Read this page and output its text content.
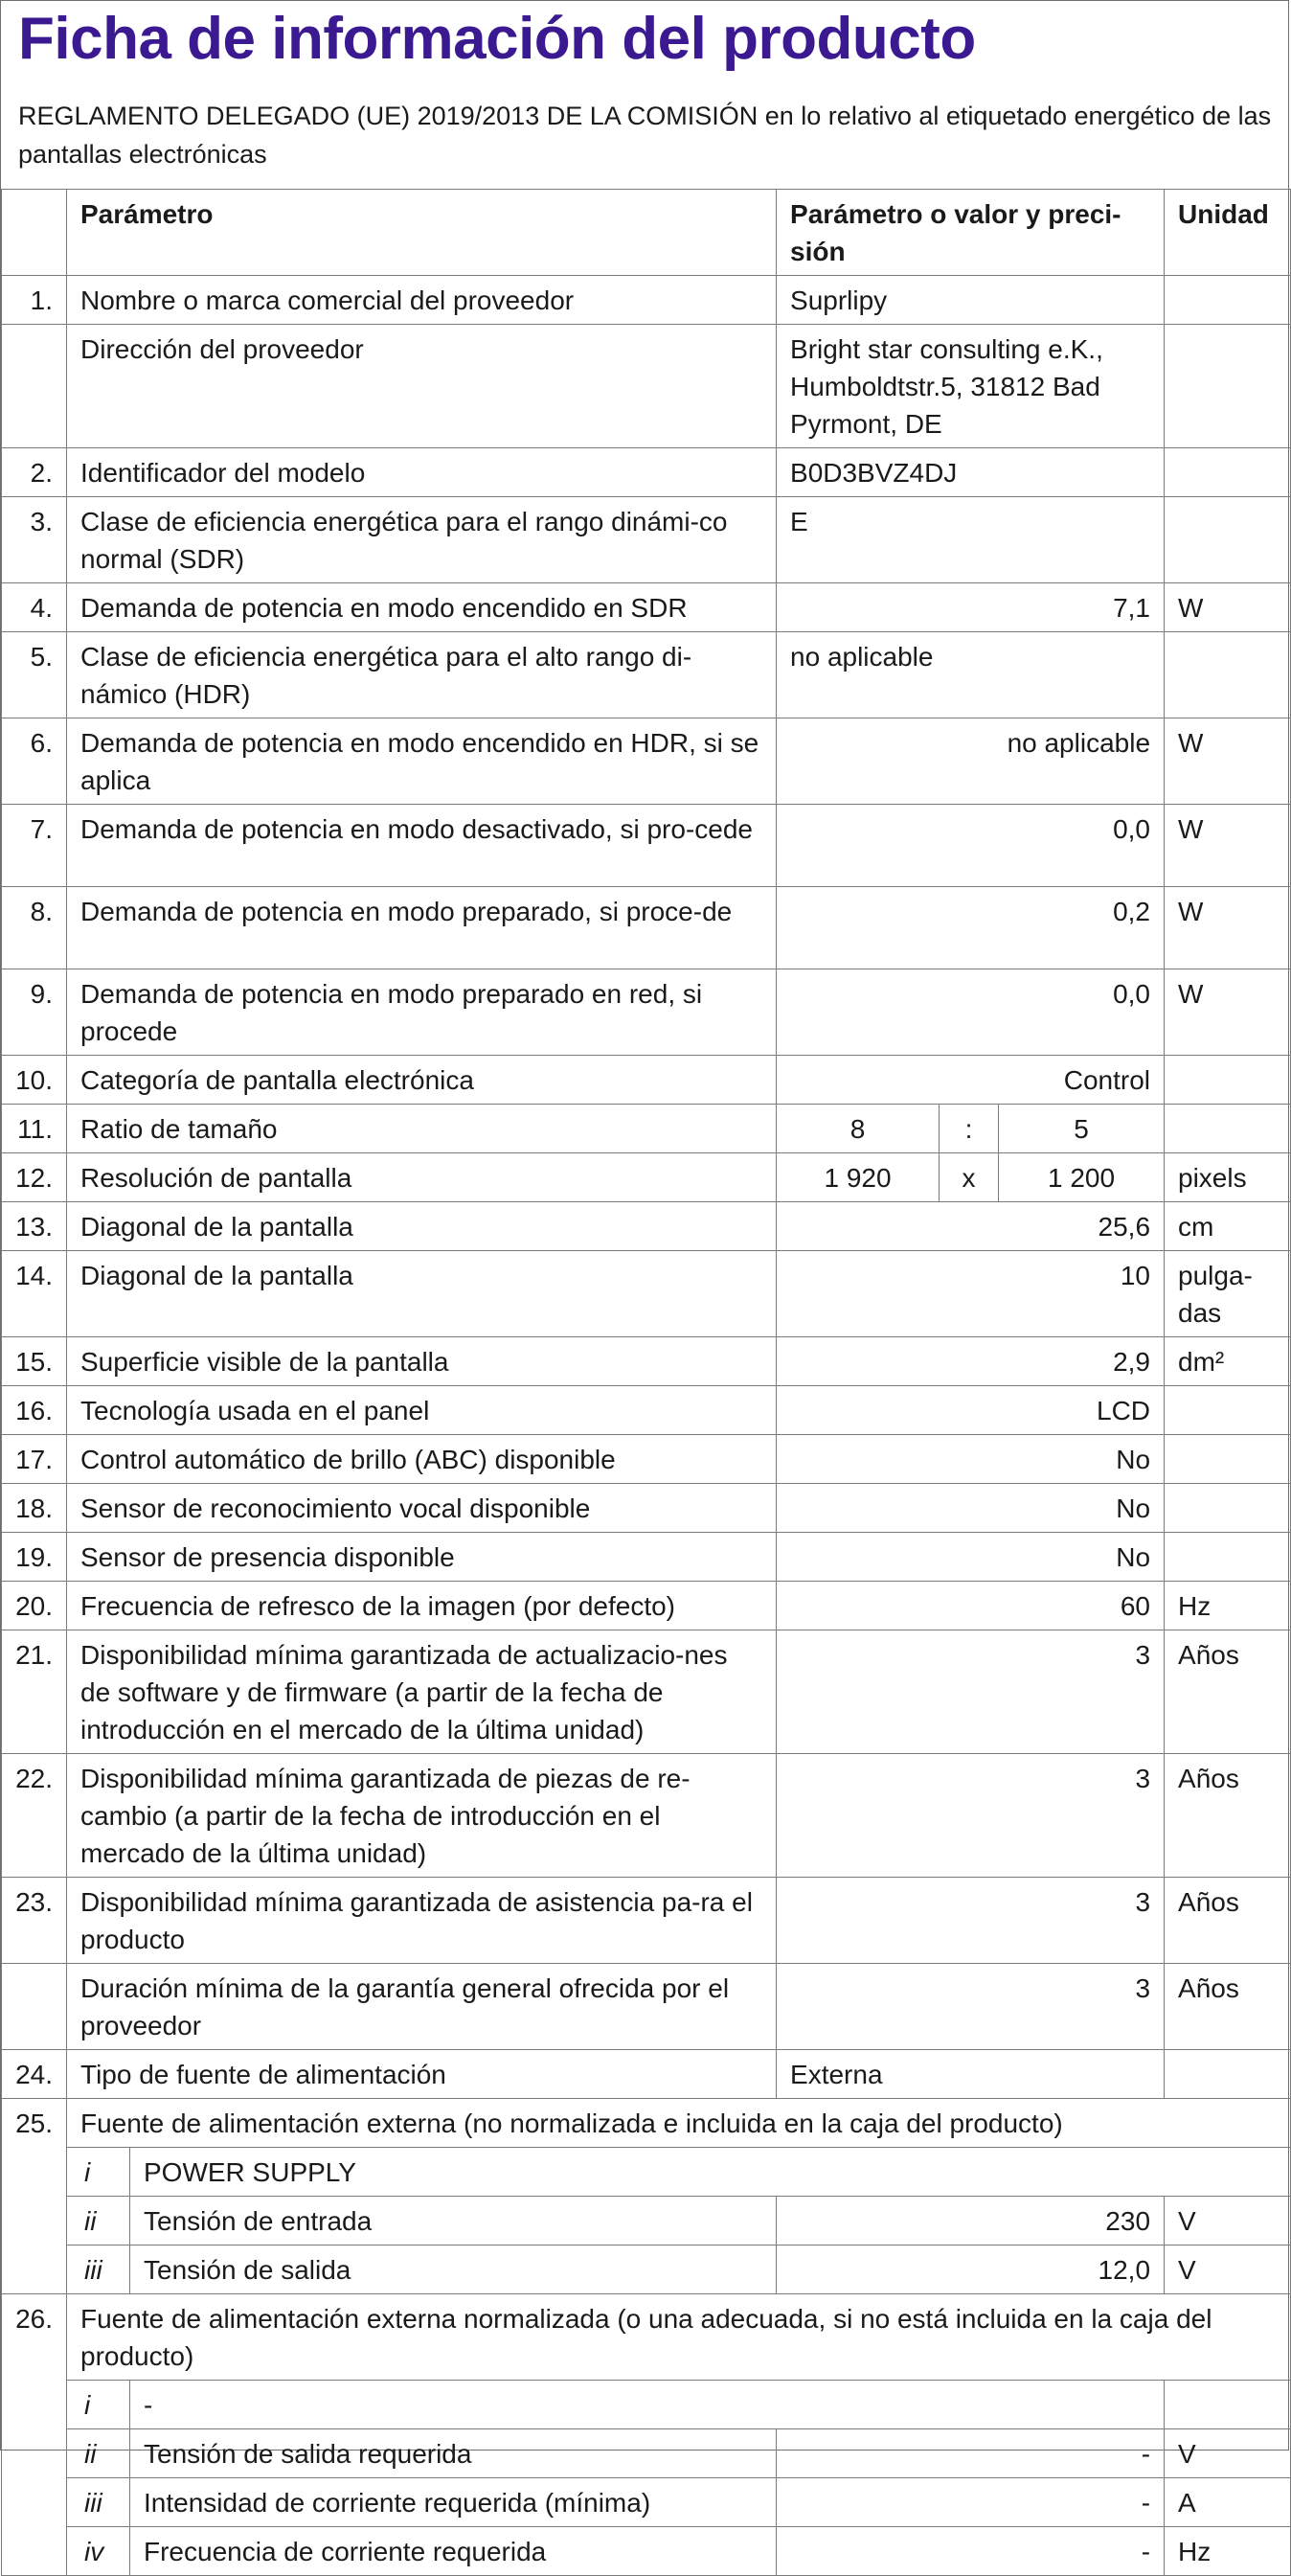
Ficha de información del producto
REGLAMENTO DELEGADO (UE) 2019/2013 DE LA COMISIÓN en lo relativo al etiquetado energético de las pantallas electrónicas
	Parámetro		Parámetro o valor y preci-sión			Unidad
1.	Nombre o marca comercial del proveedor		Suprlipy			
	Dirección del proveedor		Bright star consulting e.K., Humboldtstr.5, 31812 Bad Pyrmont, DE			
2.	Identificador del modelo		B0D3BVZ4DJ			
3.	Clase de eficiencia energética para el rango dinámi-co normal (SDR)		E			
4.	Demanda de potencia en modo encendido en SDR		7,1			W
5.	Clase de eficiencia energética para el alto rango di-námico (HDR)		no aplicable			
6.	Demanda de potencia en modo encendido en HDR, si se aplica		no aplicable			W
7.	Demanda de potencia en modo desactivado, si pro-cede		0,0			W
8.	Demanda de potencia en modo preparado, si proce-de		0,2			W
9.	Demanda de potencia en modo preparado en red, si procede		0,0			W
10.	Categoría de pantalla electrónica		Control			
11.	Ratio de tamaño		8	:	5	
12.	Resolución de pantalla		1 920	x	1 200	pixels
13.	Diagonal de la pantalla		25,6			cm
14.	Diagonal de la pantalla		10			pulga-das
15.	Superficie visible de la pantalla		2,9			dm²
16.	Tecnología usada en el panel		LCD			
17.	Control automático de brillo (ABC) disponible		No			
18.	Sensor de reconocimiento vocal disponible		No			
19.	Sensor de presencia disponible		No			
20.	Frecuencia de refresco de la imagen (por defecto)		60			Hz
21.	Disponibilidad mínima garantizada de actualizacio-nes de software y de firmware (a partir de la fecha de introducción en el mercado de la última unidad)		3			Años
22.	Disponibilidad mínima garantizada de piezas de re-cambio (a partir de la fecha de introducción en el mercado de la última unidad)		3			Años
23.	Disponibilidad mínima garantizada de asistencia pa-ra el producto		3			Años
	Duración mínima de la garantía general ofrecida por el proveedor		3			Años
24.	Tipo de fuente de alimentación		Externa			
25.	Fuente de alimentación externa (no normalizada e incluida en la caja del producto)					
	i	POWER SUPPLY				
	ii	Tensión de entrada	230			V
	iii	Tensión de salida	12,0			V
26.	Fuente de alimentación externa normalizada (o una adecuada, si no está incluida en la caja del producto)					
	i	-				
	ii	Tensión de salida requerida	-			V
	iii	Intensidad de corriente requerida (mínima)	-			A
	iv	Frecuencia de corriente requerida	-			Hz
